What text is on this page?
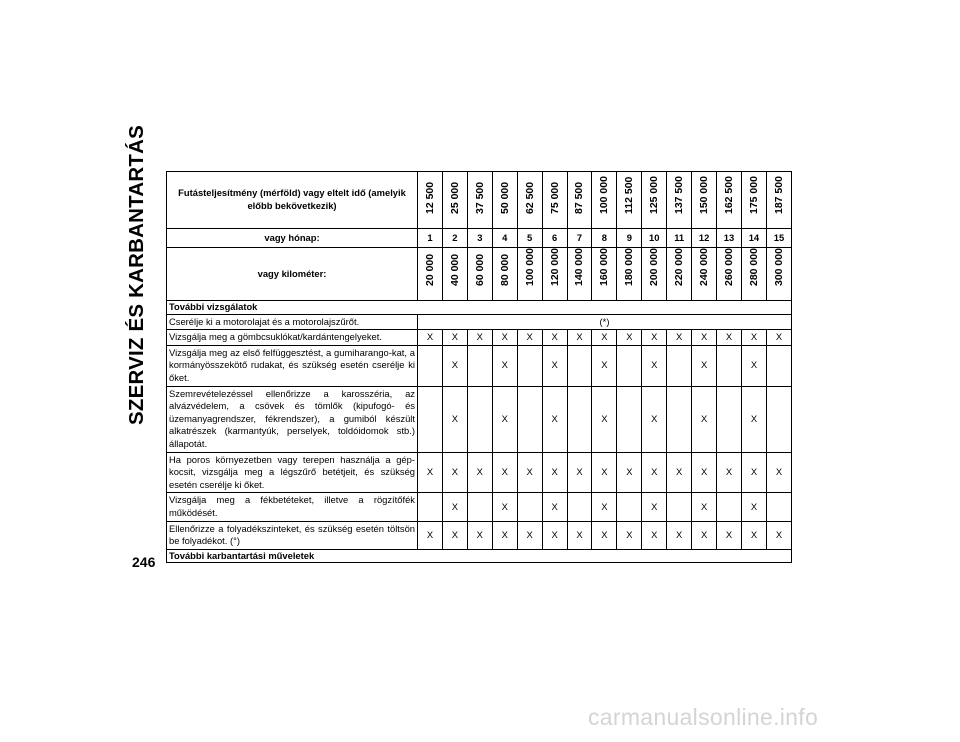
SZERVIZ ÉS KARBANTARTÁS	Futásteljesítmény (mérföld) vagy eltelt idő (amelyik előbb bekövetkezik)	12 500	25 000	37 500	50 000	62 500	75 000	87 500	100 000	112 500	125 000	137 500	150 000	162 500	175 000	187 500

vagy hónap:	1	2	3	4	5	6	7	8	9	10	11	12	13	14	15
vagy kilométer:	20 000	40 000	60 000	80 000	100 000	120 000	140 000	160 000	180 000	200 000	220 000	240 000	260 000	280 000	300 000

További vizsgálatok															
Cserélje ki a motorolajat és a motorolajszűrőt.	(*)														
Vizsgálja meg a gömbcsuklókat/kardántengelyeket.	X	X	X	X	X	X	X	X	X	X	X	X	X	X	X
Vizsgálja meg az első felfüggesztést, a gumiharango-kat, a kormányösszekötő rudakat, és szükség esetén cserélje ki őket.		X		X		X		X		X		X		X	
Szemrevételezéssel ellenőrizze a karosszéria, az alvázvédelem, a csövek és tömlők (kipufogó- és üzemanyagrendszer, fékrendszer), a gumiból készült alkatrészek (karmantyúk, perselyek, toldóidomok stb.) állapotát.		X		X		X		X		X		X		X	
Ha poros környezetben vagy terepen használja a gép-kocsit, vizsgálja meg a légszűrő betétjeit, és szükség esetén cserélje ki őket.	X	X	X	X	X	X	X	X	X	X	X	X	X	X	X
Vizsgálja meg a fékbetéteket, illetve a rögzítőfék működését.		X		X		X		X		X		X		X	
Ellenőrizze a folyadékszinteket, és szükség esetén töltsön be folyadékot. (°)	X	X	X	X	X	X	X	X	X	X	X	X	X	X	X
További karbantartási műveletek															
246
carmanualsonline.info
